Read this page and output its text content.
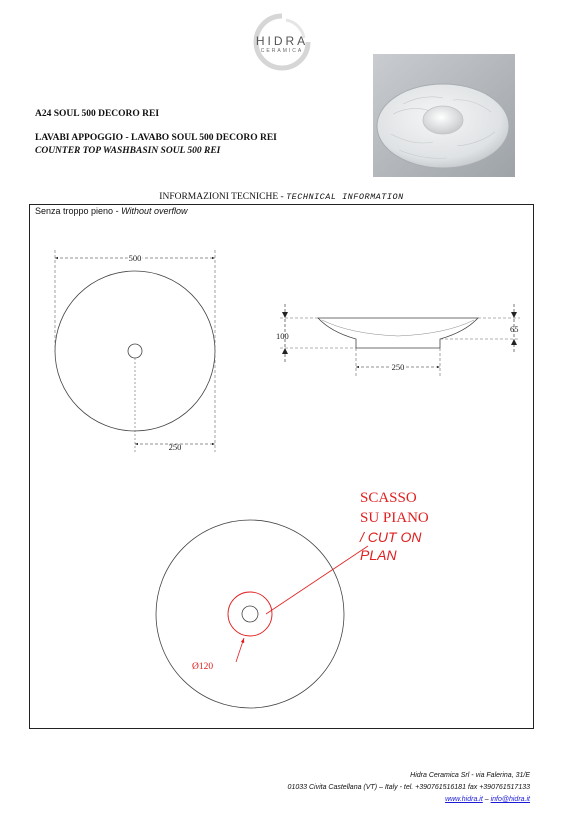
HIDRA
CERAMICA
A24 SOUL 500 DECORO REI
LAVABI APPOGGIO - LAVABO SOUL 500 DECORO REI
COUNTER TOP WASHBASIN SOUL 500 REI
INFORMAZIONI TECNICHE - TECHNICAL INFORMATION
Senza troppo pieno - Without overflow
500
250
100
65
250
SCASSO
SU PIANO
/ CUT ON
PLAN
Ø120
Hidra Ceramica Srl - via Falerina, 31/E
01033 Civita Castellana (VT) – Italy - tel. +390761516181 fax +390761517133
www.hidra.it – info@hidra.it
